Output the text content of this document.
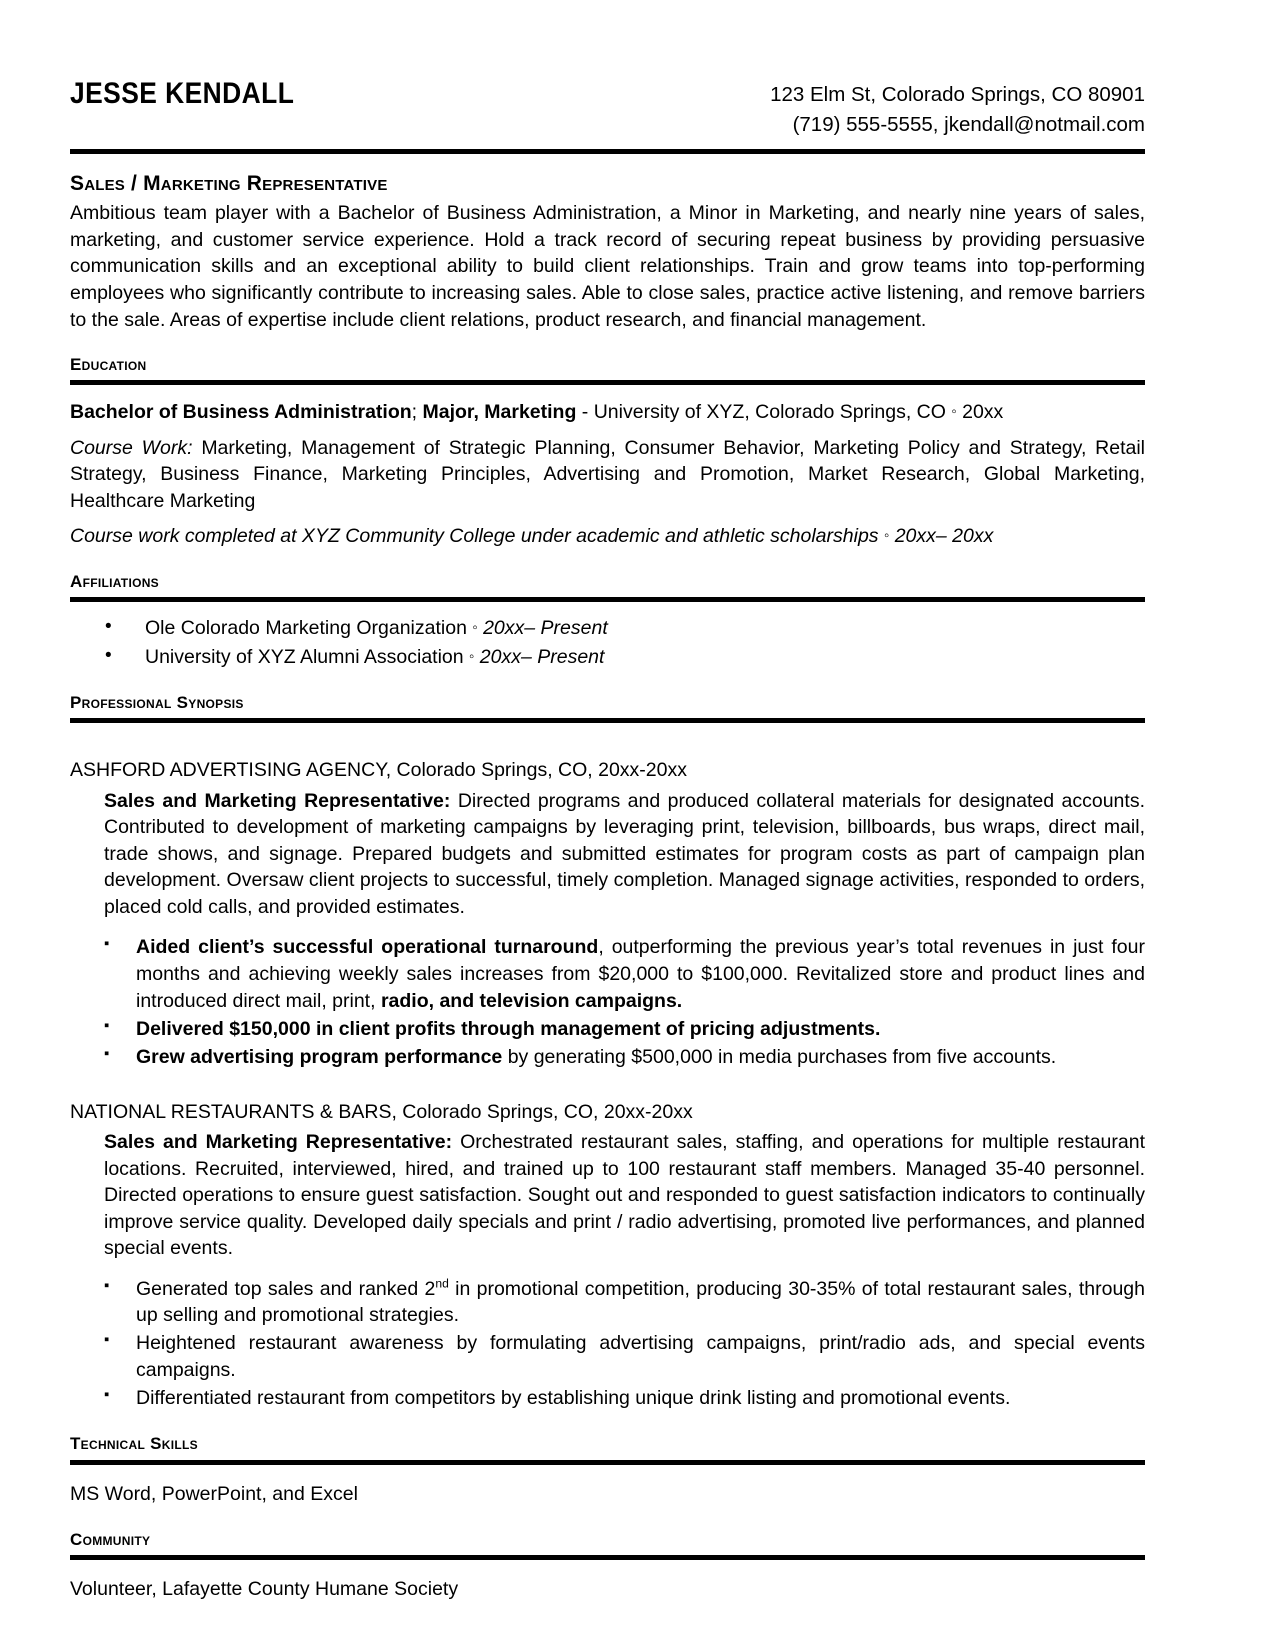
JESSE KENDALL	123 Elm St, Colorado Springs, CO 80901
(719) 555-5555, jkendall@notmail.com
Sales / Marketing Representative
Ambitious team player with a Bachelor of Business Administration, a Minor in Marketing, and nearly nine years of sales, marketing, and customer service experience. Hold a track record of securing repeat business by providing persuasive communication skills and an exceptional ability to build client relationships. Train and grow teams into top-performing employees who significantly contribute to increasing sales. Able to close sales, practice active listening, and remove barriers to the sale. Areas of expertise include client relations, product research, and financial management.
Education
Bachelor of Business Administration; Major, Marketing - University of XYZ, Colorado Springs, CO ◦ 20xx
Course Work: Marketing, Management of Strategic Planning, Consumer Behavior, Marketing Policy and Strategy, Retail Strategy, Business Finance, Marketing Principles, Advertising and Promotion, Market Research, Global Marketing, Healthcare Marketing
Course work completed at XYZ Community College under academic and athletic scholarships ◦ 20xx– 20xx
Affiliations
• Ole Colorado Marketing Organization ◦ 20xx– Present
• University of XYZ Alumni Association ◦ 20xx– Present
Professional Synopsis
ASHFORD ADVERTISING AGENCY, Colorado Springs, CO, 20xx-20xx
Sales and Marketing Representative: Directed programs and produced collateral materials for designated accounts. Contributed to development of marketing campaigns by leveraging print, television, billboards, bus wraps, direct mail, trade shows, and signage. Prepared budgets and submitted estimates for program costs as part of campaign plan development. Oversaw client projects to successful, timely completion. Managed signage activities, responded to orders, placed cold calls, and provided estimates.
▪ Aided client’s successful operational turnaround, outperforming the previous year’s total revenues in just four months and achieving weekly sales increases from $20,000 to $100,000. Revitalized store and product lines and introduced direct mail, print, radio, and television campaigns.
▪ Delivered $150,000 in client profits through management of pricing adjustments.
▪ Grew advertising program performance by generating $500,000 in media purchases from five accounts.
NATIONAL RESTAURANTS & BARS, Colorado Springs, CO, 20xx-20xx
Sales and Marketing Representative: Orchestrated restaurant sales, staffing, and operations for multiple restaurant locations. Recruited, interviewed, hired, and trained up to 100 restaurant staff members. Managed 35-40 personnel. Directed operations to ensure guest satisfaction. Sought out and responded to guest satisfaction indicators to continually improve service quality. Developed daily specials and print / radio advertising, promoted live performances, and planned special events.
▪ Generated top sales and ranked 2nd in promotional competition, producing 30-35% of total restaurant sales, through up selling and promotional strategies.
▪ Heightened restaurant awareness by formulating advertising campaigns, print/radio ads, and special events campaigns.
▪ Differentiated restaurant from competitors by establishing unique drink listing and promotional events.
Technical Skills
MS Word, PowerPoint, and Excel
Community
Volunteer, Lafayette County Humane Society
